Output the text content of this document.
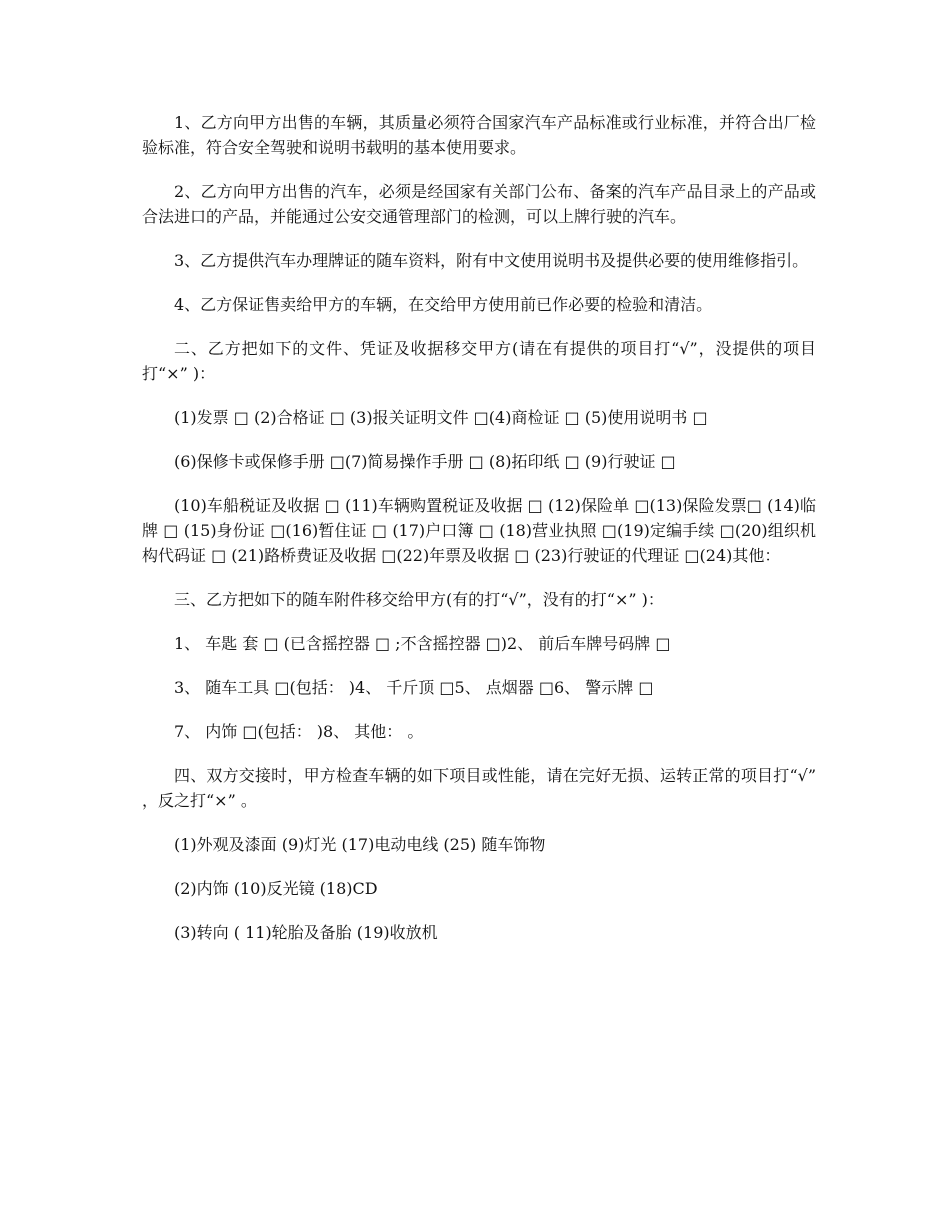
1、乙方向甲方出售的车辆，其质量必须符合国家汽车产品标准或行业标准，并符合出厂检验标准，符合安全驾驶和说明书载明的基本使用要求。

2、乙方向甲方出售的汽车，必须是经国家有关部门公布、备案的汽车产品目录上的产品或合法进口的产品，并能通过公安交通管理部门的检测，可以上牌行驶的汽车。

3、乙方提供汽车办理牌证的随车资料，附有中文使用说明书及提供必要的使用维修指引。

4、乙方保证售卖给甲方的车辆，在交给甲方使用前已作必要的检验和清洁。

二、乙方把如下的文件、凭证及收据移交甲方(请在有提供的项目打“√”，没提供的项目打“×” )：

(1)发票 □ (2)合格证 □ (3)报关证明文件 □(4)商检证 □ (5)使用说明书 □

(6)保修卡或保修手册 □(7)简易操作手册 □ (8)拓印纸 □ (9)行驶证 □

(10)车船税证及收据 □ (11)车辆购置税证及收据 □ (12)保险单 □(13)保险发票□ (14)临牌 □ (15)身份证 □(16)暂住证 □ (17)户口簿 □ (18)营业执照 □(19)定编手续 □(20)组织机构代码证 □ (21)路桥费证及收据 □(22)年票及收据 □ (23)行驶证的代理证 □(24)其他：

三、乙方把如下的随车附件移交给甲方(有的打“√”，没有的打“×” )：

1、 车匙 套 □ (已含摇控器 □ ;不含摇控器 □)2、 前后车牌号码牌 □

3、 随车工具 □(包括： )4、 千斤顶 □5、 点烟器 □6、 警示牌 □

7、 内饰 □(包括： )8、 其他： 。

四、双方交接时，甲方检查车辆的如下项目或性能，请在完好无损、运转正常的项目打“√” ，反之打“×” 。

(1)外观及漆面 (9)灯光 (17)电动电线 (25) 随车饰物

(2)内饰 (10)反光镜 (18)CD

(3)转向 ( 11)轮胎及备胎 (19)收放机
